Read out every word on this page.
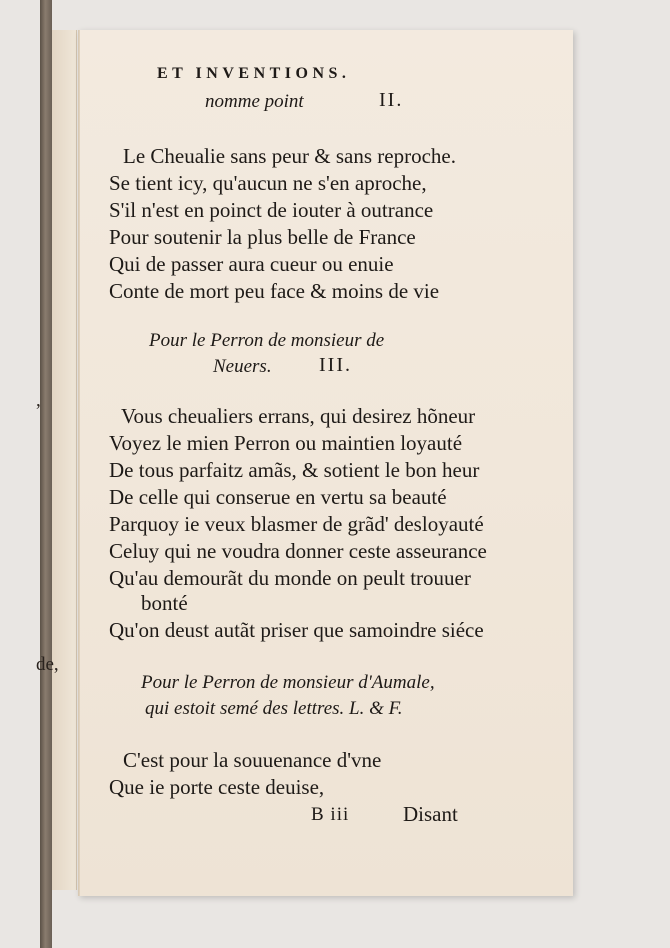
,
de,
ET INVENTIONS.
nomme point	II.
Le Cheualie sans peur & sans reproche.
Se tient icy, qu'aucun ne s'en aproche,
S'il n'est en poinct de iouter à outrance
Pour soutenir la plus belle de France
Qui de passer aura cueur ou enuie
Conte de mort peu face & moins de vie
Pour le Perron de monsieur de
Neuers. III.
Vous cheualiers errans, qui desirez hõneur
Voyez le mien Perron ou maintien loyauté
De tous parfaitz amãs, & sotient le bon heur
De celle qui conserue en vertu sa beauté
Parquoy ie veux blasmer de grãd' desloyauté
Celuy qui ne voudra donner ceste asseurance
Qu'au demourãt du monde on peult trouuer
bonté
Qu'on deust autãt priser que samoindre siéce
Pour le Perron de monsieur d'Aumale,
qui estoit semé des lettres. L. & F.
C'est pour la souuenance d'vne
Que ie porte ceste deuise,
B iii	Disant
